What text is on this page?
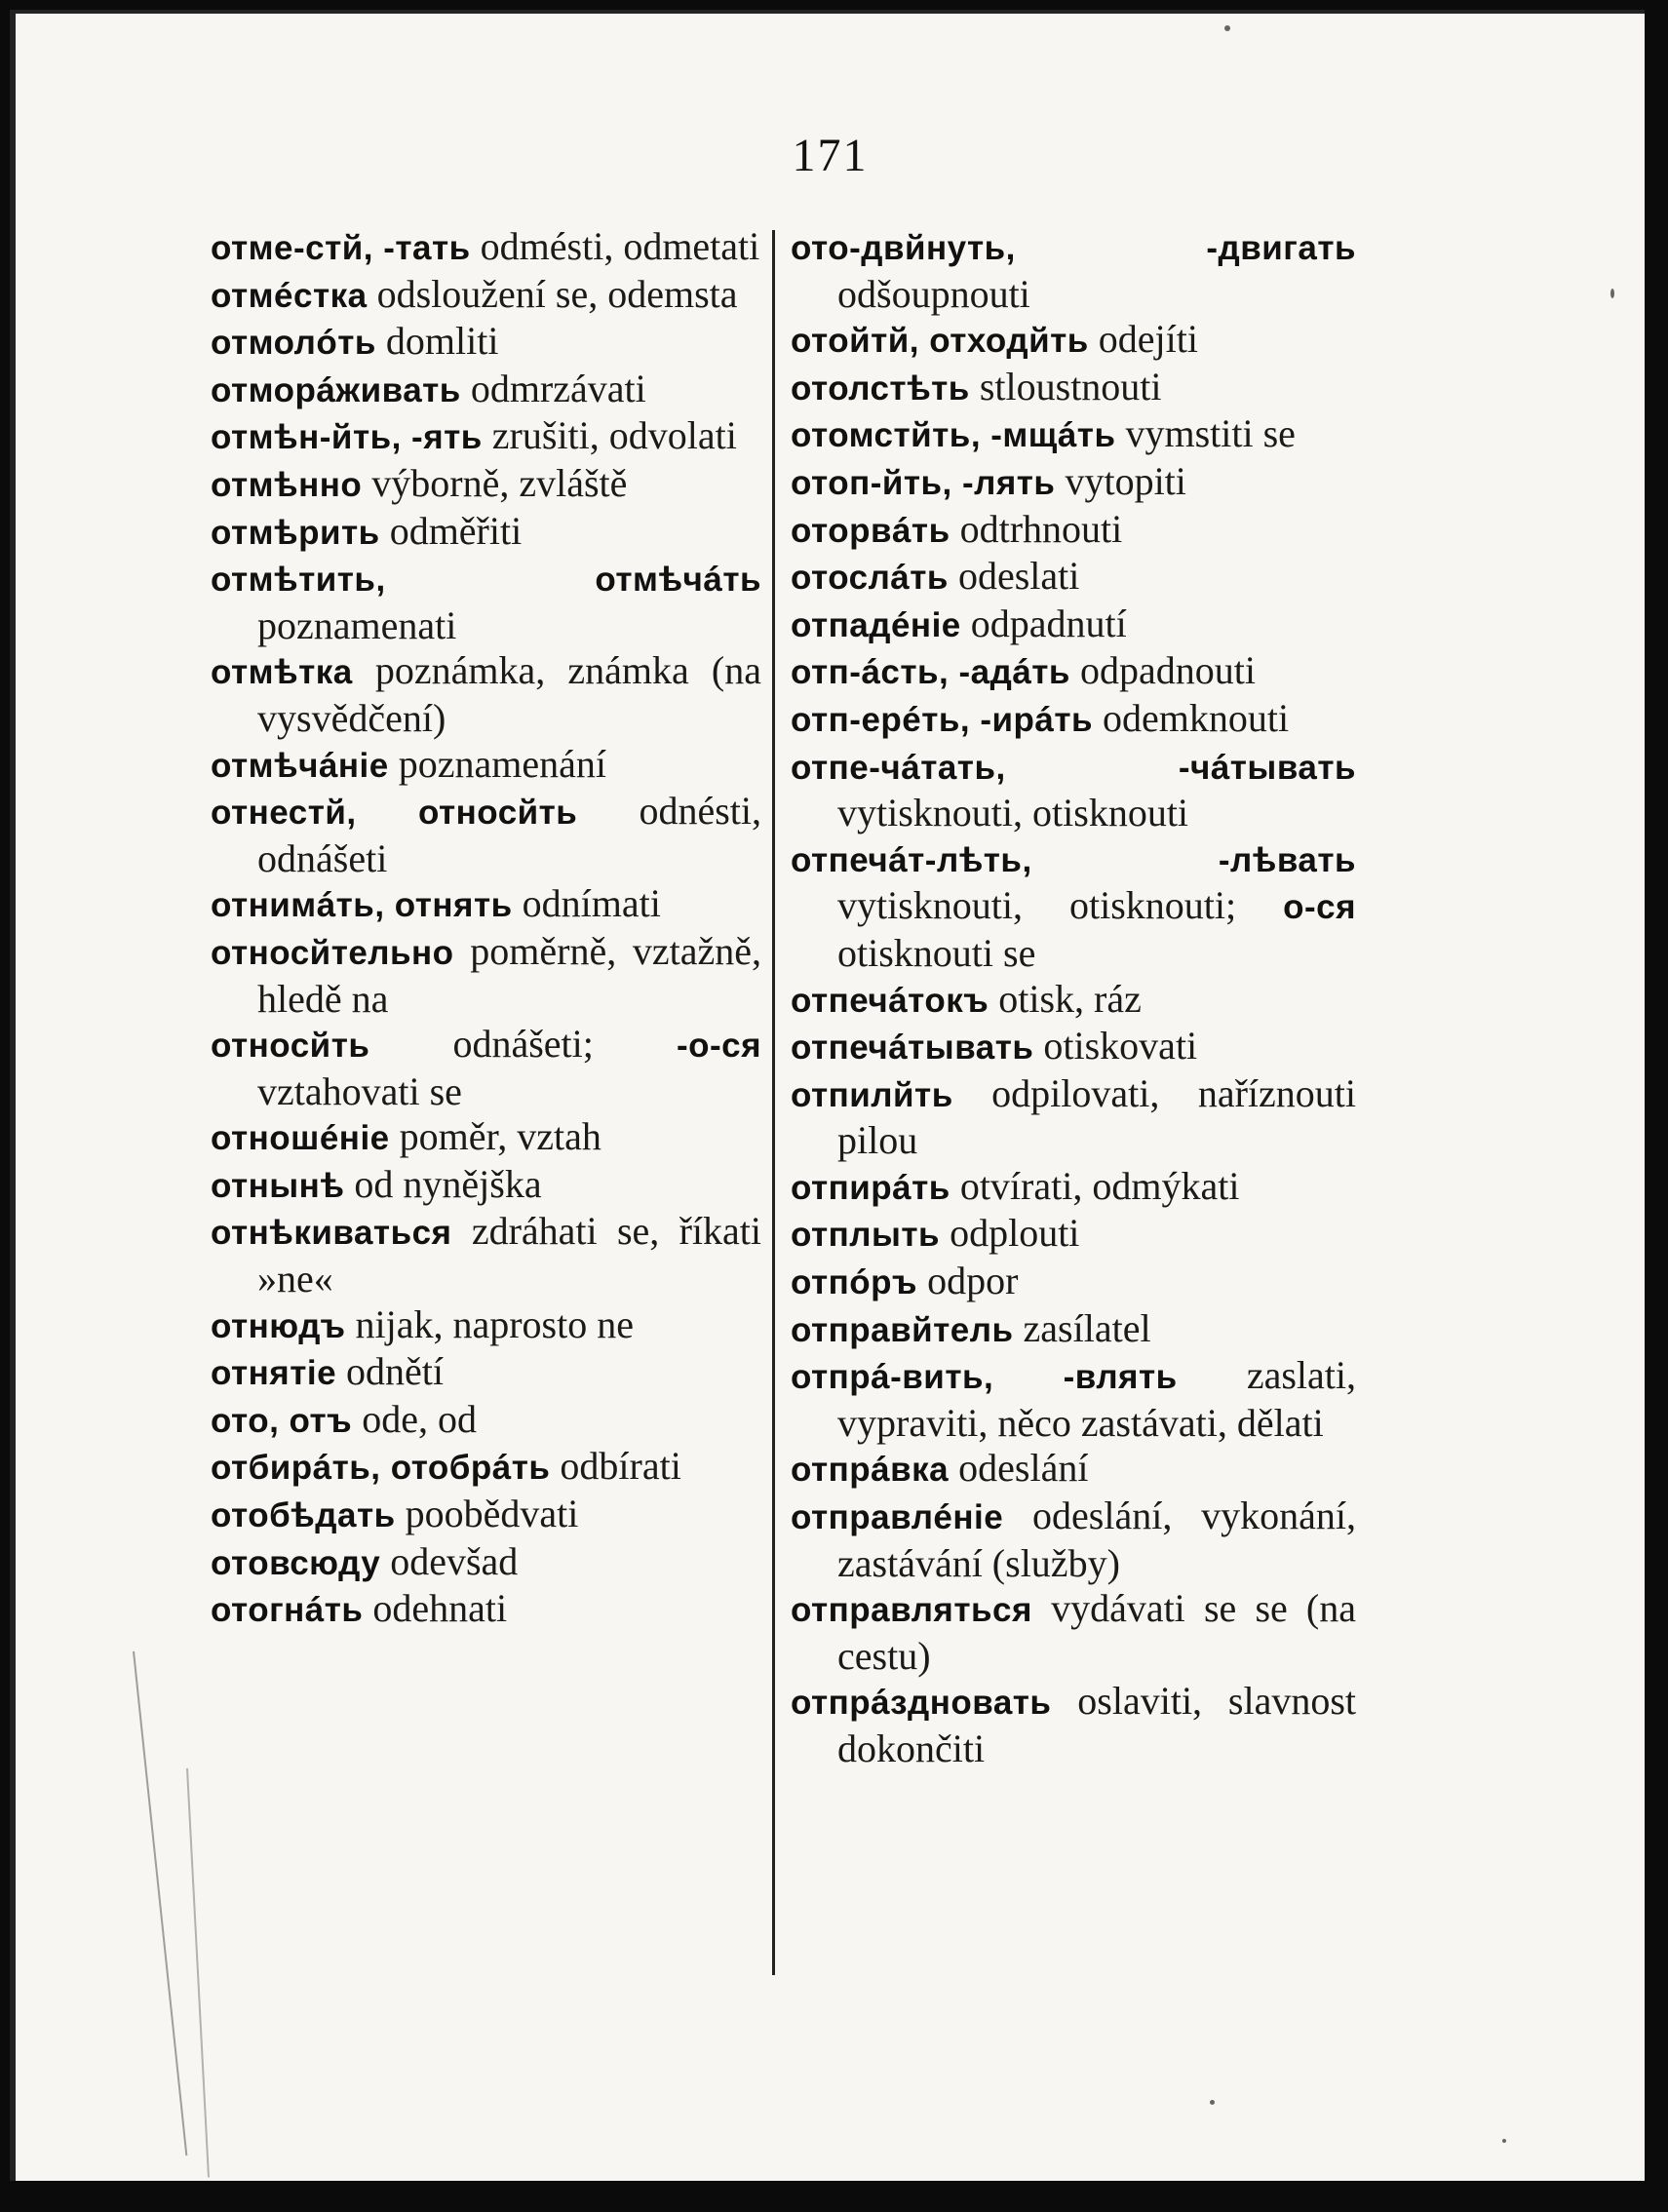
171

отме-стй, -тать odmésti, odmetati

отмéстка odsloužení se, odemsta

отмолóть domliti

отморáживать odmrzávati

отмѣн-йть, -ять zrušiti, odvolati

отмѣнно výborně, zvláště

отмѣрить odměřiti

отмѣтить, отмѣчáть poznamenati

отмѣтка poznámka, známka (na vysvědčení)

отмѣчáніе poznamenání

отнестй, относйть odnésti, odnášeti

отнимáть, отнять odnímati

относйтельно poměrně, vztažně, hledě na

относйть odnášeti; -о-ся vztahovati se

отношéніе poměr, vztah

отнынѣ od nynějška

отнѣкиваться zdráhati se, říkati »ne«

отнюдъ nijak, naprosto ne

отнятіе odnětí

ото, отъ ode, od

отбирáть, отобрáть odbírati

отобѣдать poobědvati

отовсюду odevšad

отогнáть odehnati

ото-двйнуть, -двигать odšoupnouti

отойтй, отходйть odejíti

отолстѣть stloustnouti

отомстйть, -мщáть vymstiti se

отоп-йть, -лять vytopiti

оторвáть odtrhnouti

отослáть odeslati

отпадéніе odpadnutí

отп-áсть, -адáть odpadnouti

отп-ерéть, -ирáть odemknouti

отпе-чáтать, -чáтывать vytisknouti, otisknouti

отпечáт-лѣть, -лѣвать vytisknouti, otisknouti; о-ся otisknouti se

отпечáтокъ otisk, ráz

отпечáтывать otiskovati

отпилйть odpilovati, naříznouti pilou

отпирáть otvírati, odmýkati

отплыть odplouti

отпóръ odpor

отправйтель zasílatel

отпрá-вить, -влять zaslati, vypraviti, něco zastávati, dělati

отпрáвка odeslání

отправлéніе odeslání, vykonání, zastávání (služby)

отправляться vydávati se se (na cestu)

отпрáздновать oslaviti, slavnost dokončiti
